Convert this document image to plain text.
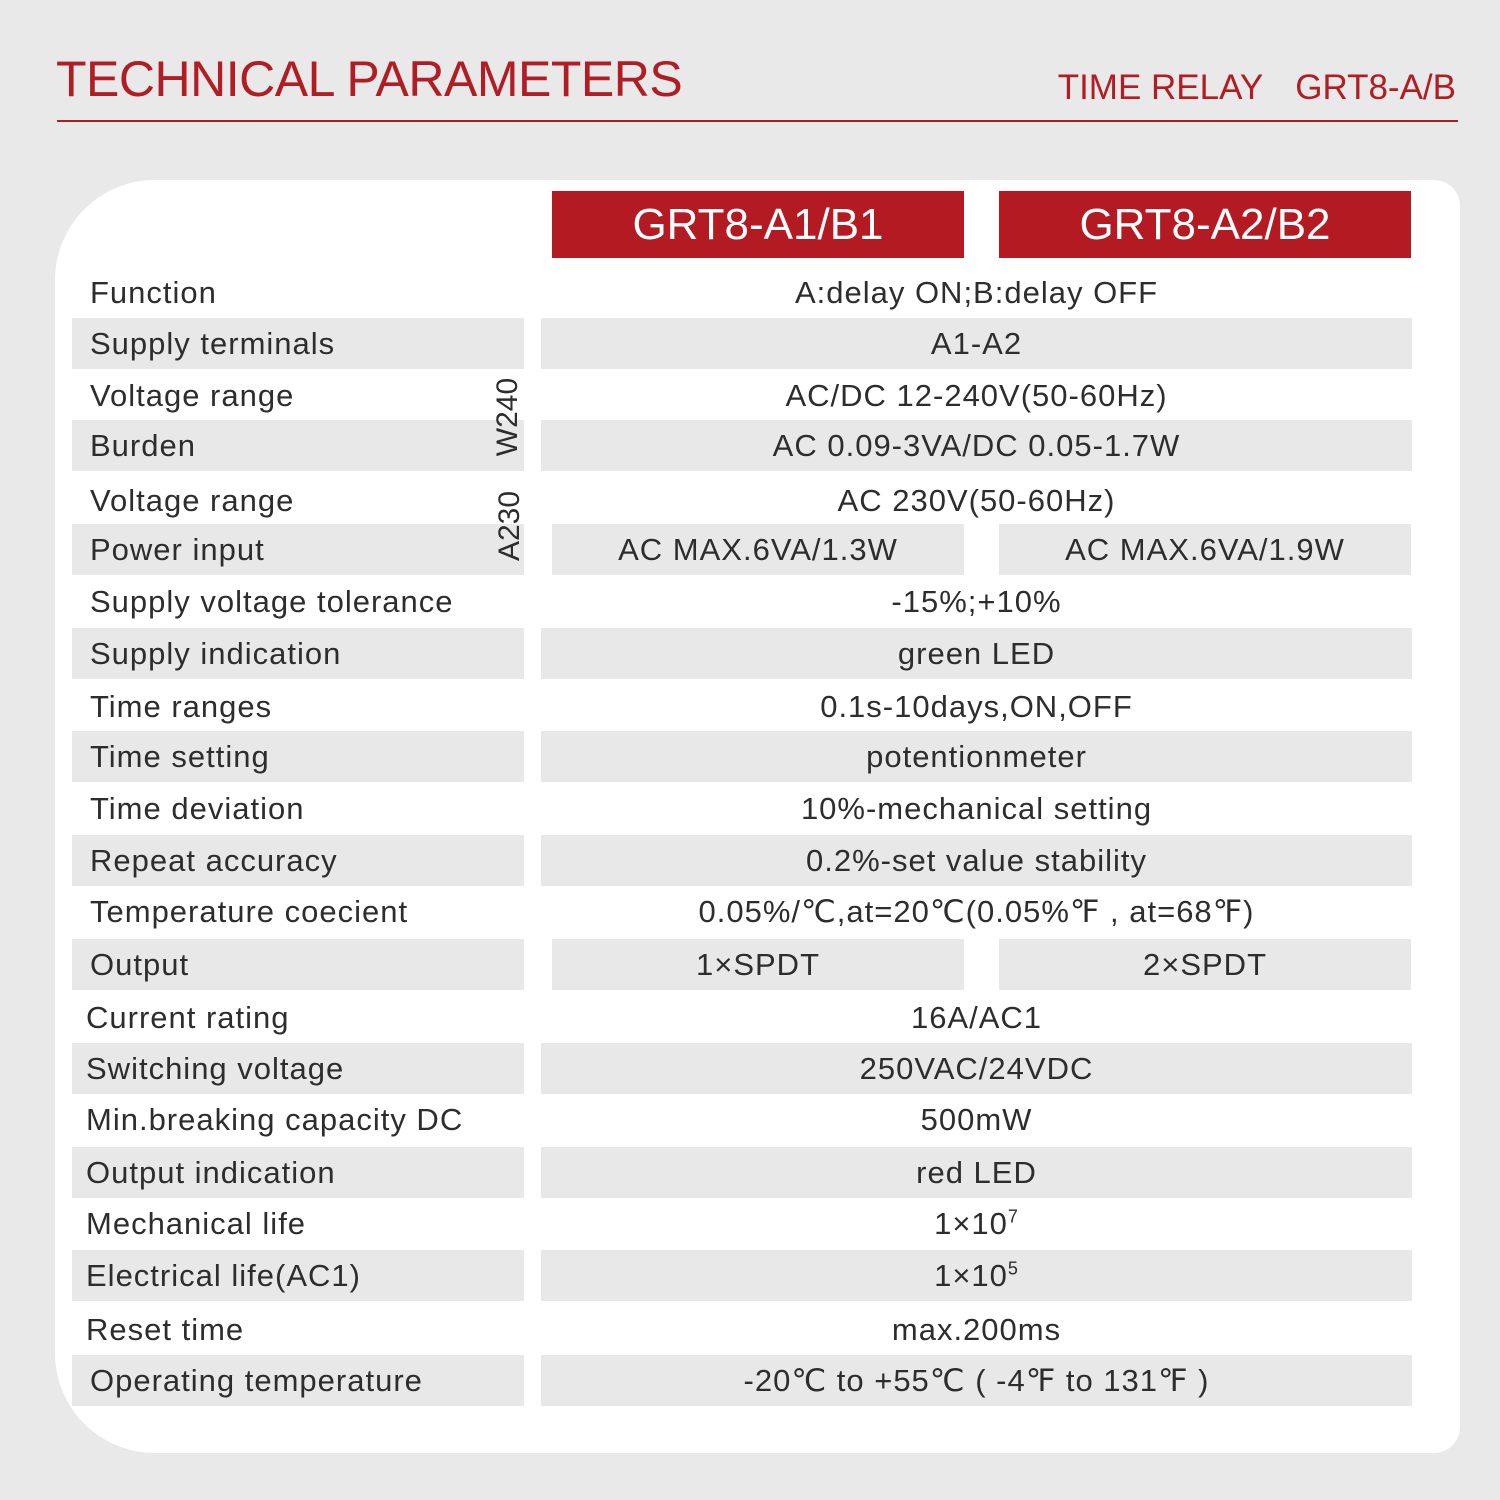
TECHNICAL PARAMETERS	TIME RELAY GRT8-A/B
GRT8-A1/B1	GRT8-A2/B2
Function	A:delay ON;B:delay OFF
Supply terminals	A1-A2
Voltage range	AC/DC 12-240V(50-60Hz)
Burden	AC 0.09-3VA/DC 0.05-1.7W
Voltage range	AC 230V(50-60Hz)
Power input	AC MAX.6VA/1.3W	AC MAX.6VA/1.9W
Supply voltage tolerance	-15%;+10%
Supply indication	green LED
Time ranges	0.1s-10days,ON,OFF
Time setting	potentionmeter
Time deviation	10%-mechanical setting
Repeat accuracy	0.2%-set value stability
Temperature coecient	0.05%/℃,at=20℃(0.05%℉ , at=68℉)
Output	1×SPDT	2×SPDT
Current rating	16A/AC1
Switching voltage	250VAC/24VDC
Min.breaking capacity DC	500mW
Output indication	red LED
Mechanical life	$1\times 10^7$
Electrical life(AC1)	$1\times 10^5$
Reset time	max.200ms
Operating temperature	-20℃ to +55℃ ( -4℉ to 131℉ )
W240
A230
